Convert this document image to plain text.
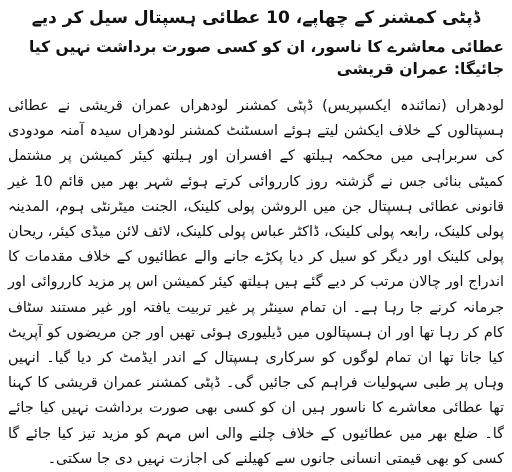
ڈپٹی کمشنر کے چھاپے، 10 عطائی ہسپتال سیل کر دیے
عطائی معاشرے کا ناسور، ان کو کسی صورت برداشت نہیں کیا جائیگا: عمران قریشی

لودھراں (نمائندہ ایکسپریس) ڈپٹی کمشنر لودھراں عمران قریشی نے عطائی ہسپتالوں کے خلاف ایکشن لیتے ہوئے اسسٹنٹ کمشنر لودھراں سیدہ آمنہ مودودی کی سربراہی میں محکمہ ہیلتھ کے افسران اور ہیلتھ کیئر کمیشن پر مشتمل کمیٹی بنائی جس نے گزشتہ روز کارروائی کرتے ہوئے شہر بھر میں قائم 10 غیر قانونی عطائی ہسپتال جن میں الروشن پولی کلینک، الجنت میٹرنٹی ہوم، المدینہ پولی کلینک، رابعہ پولی کلینک، ڈاکٹر عباس پولی کلینک، لائف لائن میڈی کیئر، ریحان پولی کلینک اور دیگر کو سیل کر دیا پکڑے جانے والے عطائیوں کے خلاف مقدمات کا اندراج اور چالان مرتب کر دیے گئے ہیں ہیلتھ کیئر کمیشن اس پر مزید کارروائی اور جرمانہ کرنے جا رہا ہے۔ ان تمام سینٹر پر غیر تربیت یافتہ اور غیر مستند سٹاف کام کر رہا تھا اور ان ہسپتالوں میں ڈیلیوری ہوئی تھیں اور جن مریضوں کو آپریٹ کیا جاتا تھا ان تمام لوگوں کو سرکاری ہسپتال کے اندر ایڈمٹ کر دیا گیا۔ انہیں وہاں پر طبی سہولیات فراہم کی جائیں گی۔ ڈپٹی کمشنر عمران قریشی کا کہنا تھا عطائی معاشرے کا ناسور ہیں ان کو کسی بھی صورت برداشت نہیں کیا جائے گا۔ ضلع بھر میں عطائیوں کے خلاف چلنے والی اس مہم کو مزید تیز کیا جائے گا کسی کو بھی قیمتی انسانی جانوں سے کھیلنے کی اجازت نہیں دی جا سکتی۔
